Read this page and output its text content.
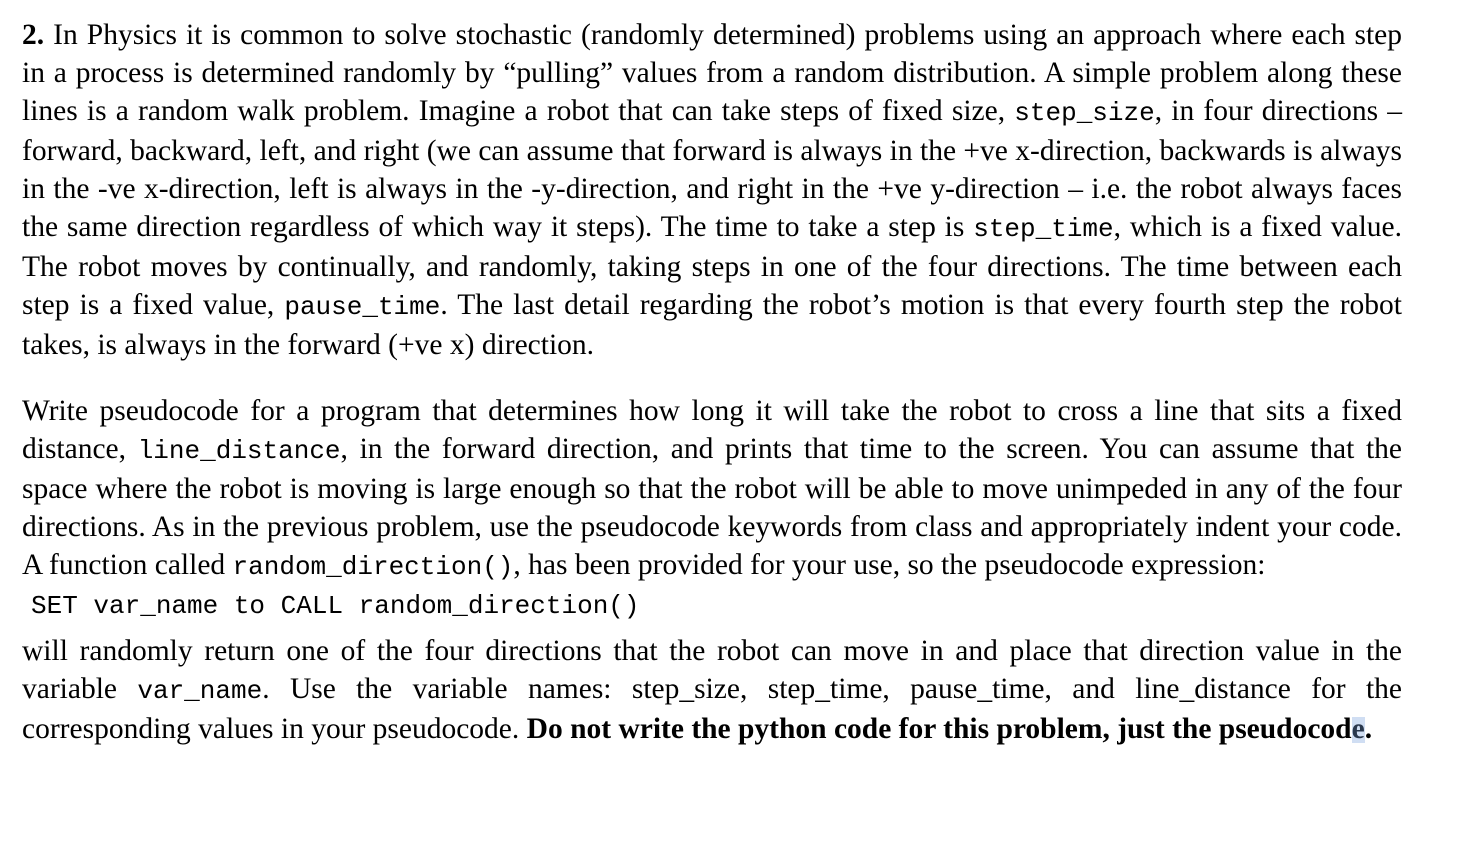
2. In Physics it is common to solve stochastic (randomly determined) problems using an approach where each step in a process is determined randomly by “pulling” values from a random distribution. A simple problem along these lines is a random walk problem. Imagine a robot that can take steps of fixed size, step_size, in four directions – forward, backward, left, and right (we can assume that forward is always in the +ve x-direction, backwards is always in the -ve x-direction, left is always in the -y-direction, and right in the +ve y-direction – i.e. the robot always faces the same direction regardless of which way it steps). The time to take a step is step_time, which is a fixed value. The robot moves by continually, and randomly, taking steps in one of the four directions. The time between each step is a fixed value, pause_time. The last detail regarding the robot’s motion is that every fourth step the robot takes, is always in the forward (+ve x) direction.

Write pseudocode for a program that determines how long it will take the robot to cross a line that sits a fixed distance, line_distance, in the forward direction, and prints that time to the screen. You can assume that the space where the robot is moving is large enough so that the robot will be able to move unimpeded in any of the four directions. As in the previous problem, use the pseudocode keywords from class and appropriately indent your code. A function called random_direction(), has been provided for your use, so the pseudocode expression:

SET var_name to CALL random_direction()

will randomly return one of the four directions that the robot can move in and place that direction value in the variable var_name. Use the variable names: step_size, step_time, pause_time, and line_distance for the corresponding values in your pseudocode. Do not write the python code for this problem, just the pseudocode.
